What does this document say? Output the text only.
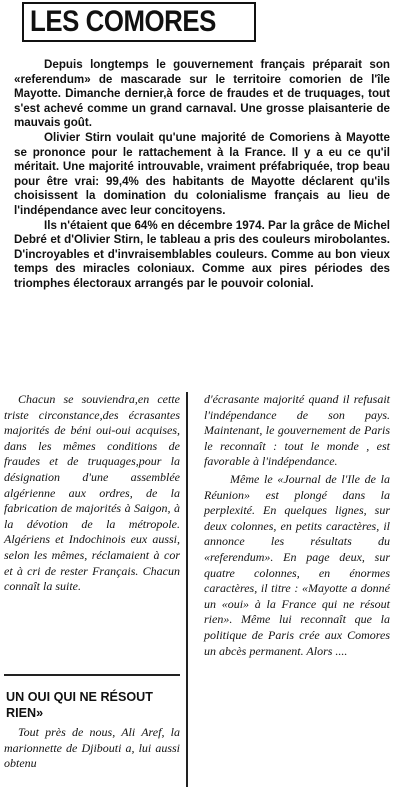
LES COMORES

Depuis longtemps le gouvernement français préparait son «referendum» de mascarade sur le territoire comorien de l'île Mayotte. Dimanche dernier,à force de fraudes et de truquages, tout s'est achevé comme un grand carnaval. Une grosse plaisanterie de mauvais goût.

Olivier Stirn voulait qu'une majorité de Comoriens à Mayotte se prononce pour le rattachement à la France. Il y a eu ce qu'il méritait. Une majorité introuvable, vraiment préfabriquée, trop beau pour être vrai: 99,4% des habitants de Mayotte déclarent qu'ils choisissent la domination du colonialisme français au lieu de l'indépendance avec leur concitoyens.

Ils n'étaient que 64% en décembre 1974. Par la grâce de Michel Debré et d'Olivier Stirn, le tableau a pris des couleurs mirobolantes. D'incroyables et d'invraisemblables couleurs. Comme au bon vieux temps des miracles coloniaux. Comme aux pires périodes des triomphes électoraux arrangés par le pouvoir colonial.

Chacun se souviendra,en cette triste circonstance,des écrasantes majorités de béni oui-oui acquises, dans les mêmes conditions de fraudes et de truquages,pour la désignation d'une assemblée algérienne aux ordres, de la fabrication de majorités à Saigon, à la dévotion de la métropole. Algériens et Indochinois eux aussi, selon les mêmes, réclamaient à cor et à cri de rester Français. Chacun connaît la suite.

UN OUI QUI NE RÉSOUT RIEN»

Tout près de nous, Ali Aref, la marionnette de Djibouti a, lui aussi obtenu

d'écrasante majorité quand il refusait l'indépendance de son pays. Maintenant, le gouvernement de Paris le reconnaît : tout le monde , est favorable à l'indépendance.

Même le «Journal de l'Ile de la Réunion» est plongé dans la perplexité. En quelques lignes, sur deux colonnes, en petits caractères, il annonce les résultats du «referendum». En page deux, sur quatre colonnes, en énormes caractères, il titre : «Mayotte a donné un «oui» à la France qui ne résout rien». Même lui reconnaît que la politique de Paris crée aux Comores un abcès permanent. Alors ....
